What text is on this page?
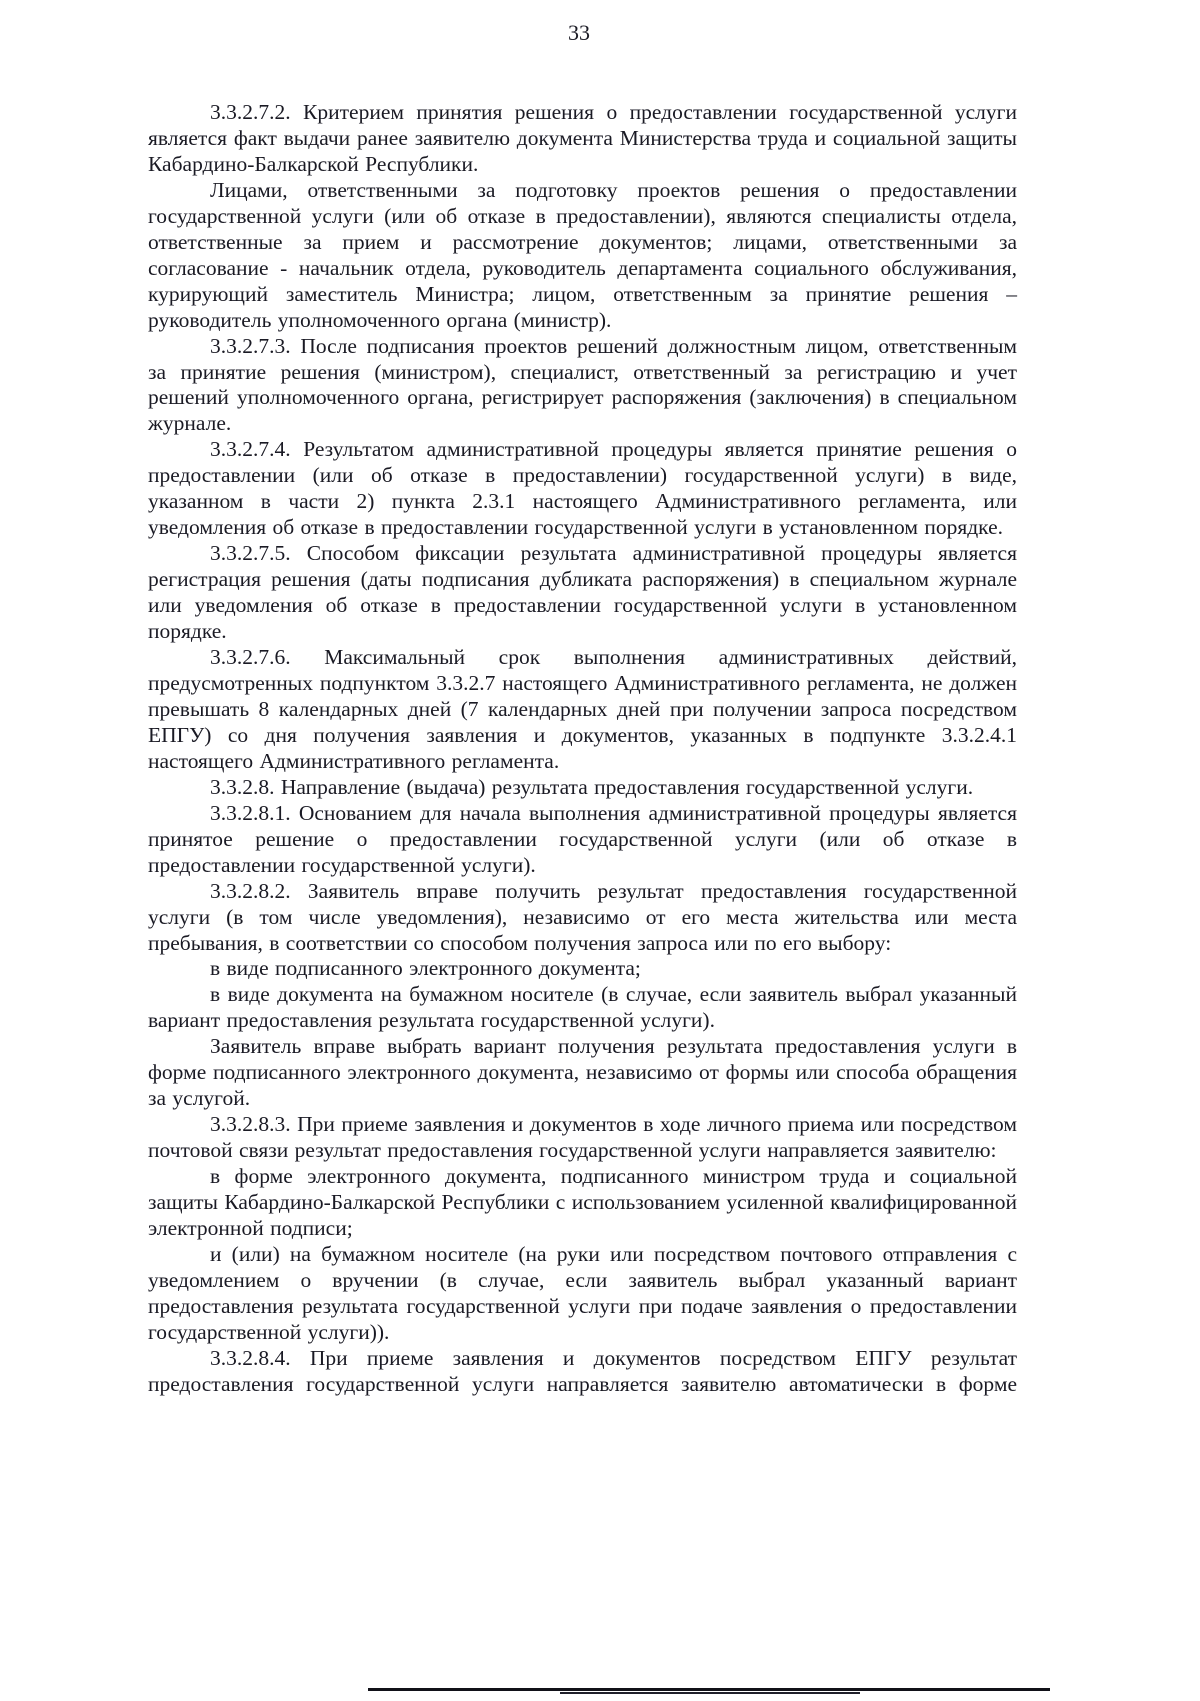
33

3.3.2.7.2. Критерием принятия решения о предоставлении государственной услуги является факт выдачи ранее заявителю документа Министерства труда и социальной защиты Кабардино-Балкарской Республики.

Лицами, ответственными за подготовку проектов решения о предоставлении государственной услуги (или об отказе в предоставлении), являются специалисты отдела, ответственные за прием и рассмотрение документов; лицами, ответственными за согласование - начальник отдела, руководитель департамента социального обслуживания, курирующий заместитель Министра; лицом, ответственным за принятие решения – руководитель уполномоченного органа (министр).

3.3.2.7.3. После подписания проектов решений должностным лицом, ответственным за принятие решения (министром), специалист, ответственный за регистрацию и учет решений уполномоченного органа, регистрирует распоряжения (заключения) в специальном журнале.

3.3.2.7.4. Результатом административной процедуры является принятие решения о предоставлении (или об отказе в предоставлении) государственной услуги) в виде, указанном в части 2) пункта 2.3.1 настоящего Административного регламента, или уведомления об отказе в предоставлении государственной услуги в установленном порядке.

3.3.2.7.5. Способом фиксации результата административной процедуры является регистрация решения (даты подписания дубликата распоряжения) в специальном журнале или уведомления об отказе в предоставлении государственной услуги в установленном порядке.

3.3.2.7.6. Максимальный срок выполнения административных действий, предусмотренных подпунктом 3.3.2.7 настоящего Административного регламента, не должен превышать 8 календарных дней (7 календарных дней при получении запроса посредством ЕПГУ) со дня получения заявления и документов, указанных в подпункте 3.3.2.4.1 настоящего Административного регламента.

3.3.2.8. Направление (выдача) результата предоставления государственной услуги.

3.3.2.8.1. Основанием для начала выполнения административной процедуры является принятое решение о предоставлении государственной услуги (или об отказе в предоставлении государственной услуги).

3.3.2.8.2. Заявитель вправе получить результат предоставления государственной услуги (в том числе уведомления), независимо от его места жительства или места пребывания, в соответствии со способом получения запроса или по его выбору:

в виде подписанного электронного документа;

в виде документа на бумажном носителе (в случае, если заявитель выбрал указанный вариант предоставления результата государственной услуги).

Заявитель вправе выбрать вариант получения результата предоставления услуги в форме подписанного электронного документа, независимо от формы или способа обращения за услугой.

3.3.2.8.3. При приеме заявления и документов в ходе личного приема или посредством почтовой связи результат предоставления государственной услуги направляется заявителю:

в форме электронного документа, подписанного министром труда и социальной защиты Кабардино-Балкарской Республики с использованием усиленной квалифицированной электронной подписи;

и (или) на бумажном носителе (на руки или посредством почтового отправления с уведомлением о вручении (в случае, если заявитель выбрал указанный вариант предоставления результата государственной услуги при подаче заявления о предоставлении государственной услуги)).

3.3.2.8.4. При приеме заявления и документов посредством ЕПГУ результат предоставления государственной услуги направляется заявителю автоматически в форме
